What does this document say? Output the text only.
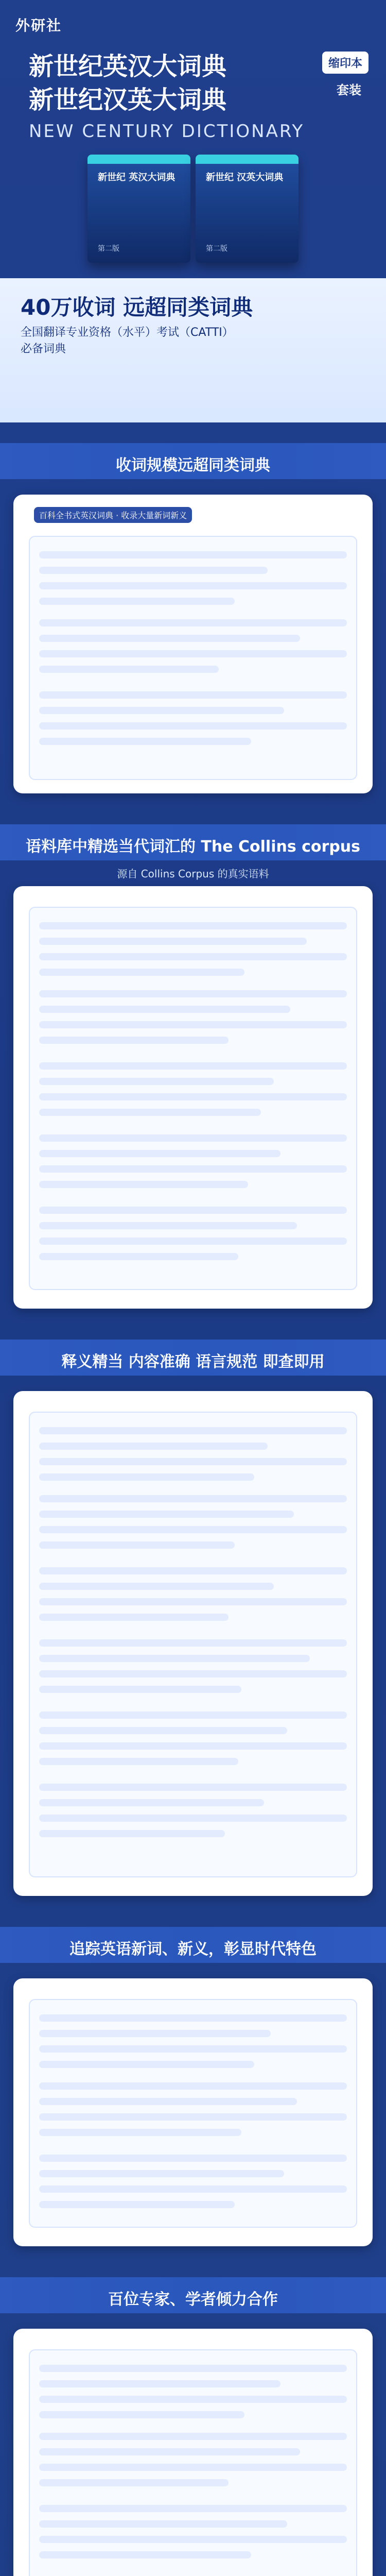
外研社
新世纪英汉大词典
新世纪汉英大词典
缩印本
套装
NEW CENTURY DICTIONARY
新世纪 英汉大词典
第二版
新世纪 汉英大词典
第二版
40万收词 远超同类词典
全国翻译专业资格（水平）考试（CATTI）
必备词典
收词规模远超同类词典
百科全书式英汉词典 · 收录大量新词新义
语料库中精选当代词汇的 The Collins corpus
源自 Collins Corpus 的真实语料
释义精当 内容准确 语言规范 即查即用
追踪英语新词、新义，彰显时代特色
百位专家、学者倾力合作
